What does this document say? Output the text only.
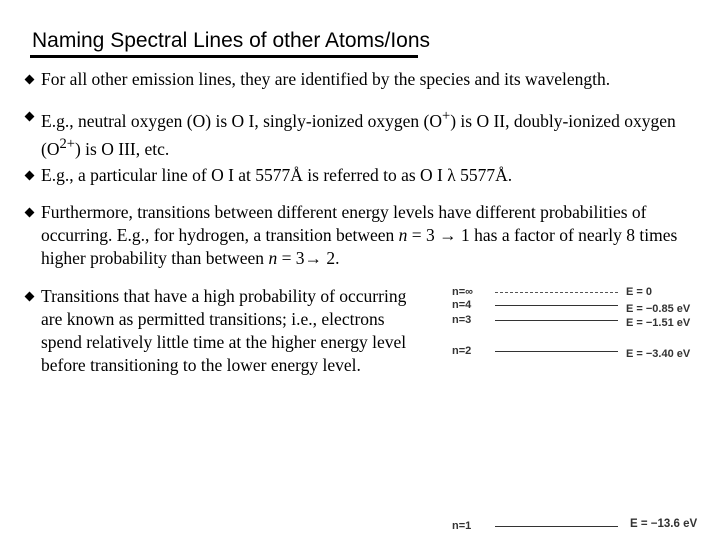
Naming Spectral Lines of other Atoms/Ions
For all other emission lines, they are identified by the species and its wavelength.
E.g., neutral oxygen (O) is O I, singly-ionized oxygen (O+) is O II, doubly-ionized oxygen $(O^{2+})$ is O III, etc.
E.g., a particular line of O I at 5577Å is referred to as O I λ 5577Å.
Furthermore, transitions between different energy levels have different probabilities of occurring. E.g., for hydrogen, a transition between n = 3 → 1 has a factor of nearly 8 times higher probability than between n = 3→ 2.
Transitions that have a high probability of occurring are known as permitted transitions; i.e., electrons spend relatively little time at the higher energy level before transitioning to the lower energy level.
n=∞	E = 0
n=4	E = −0.85 eV
n=3	E = −1.51 eV
n=2	E = −3.40 eV
n=1	E = −13.6 eV
